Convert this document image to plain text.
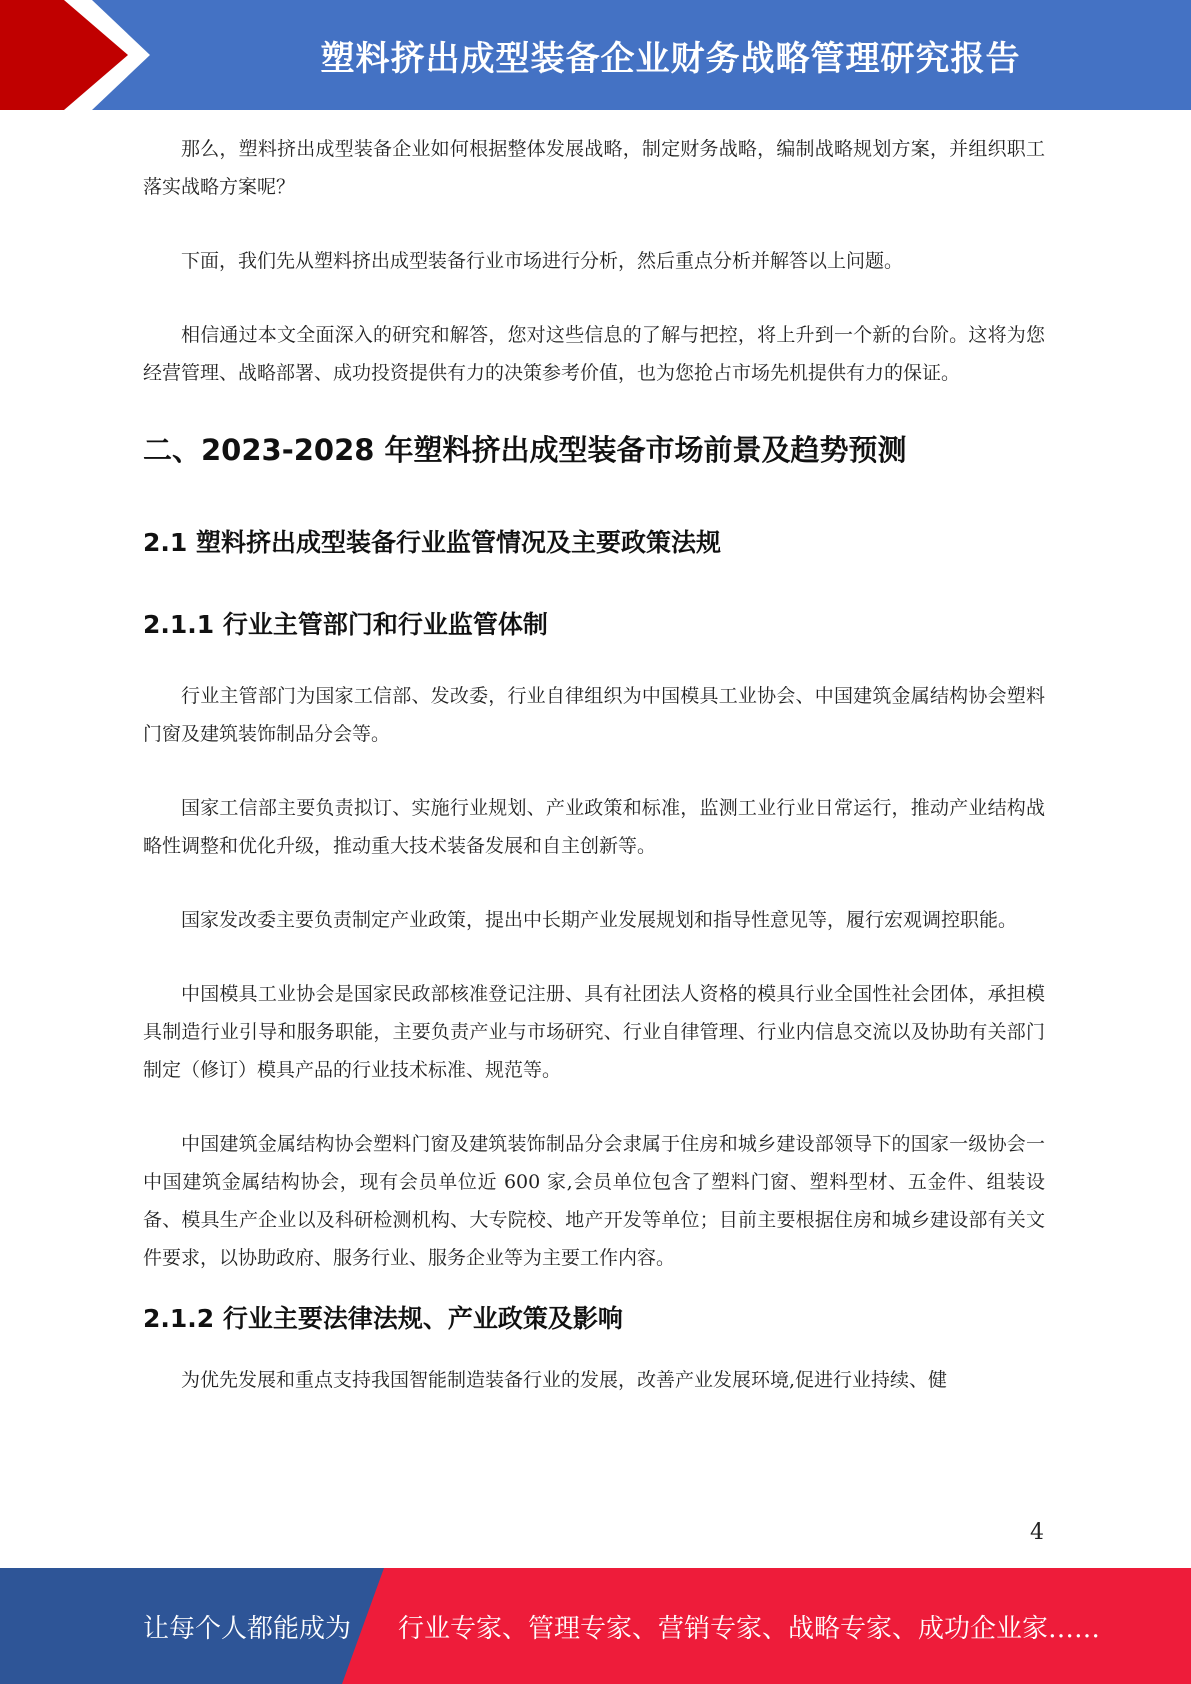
塑料挤出成型装备企业财务战略管理研究报告

那么，塑料挤出成型装备企业如何根据整体发展战略，制定财务战略，编制战略规划方案，并组织职工落实战略方案呢？

下面，我们先从塑料挤出成型装备行业市场进行分析，然后重点分析并解答以上问题。

相信通过本文全面深入的研究和解答，您对这些信息的了解与把控，将上升到一个新的台阶。这将为您经营管理、战略部署、成功投资提供有力的决策参考价值，也为您抢占市场先机提供有力的保证。

二、2023-2028 年塑料挤出成型装备市场前景及趋势预测
2.1 塑料挤出成型装备行业监管情况及主要政策法规
2.1.1 行业主管部门和行业监管体制

行业主管部门为国家工信部、发改委，行业自律组织为中国模具工业协会、中国建筑金属结构协会塑料门窗及建筑装饰制品分会等。

国家工信部主要负责拟订、实施行业规划、产业政策和标准，监测工业行业日常运行，推动产业结构战略性调整和优化升级，推动重大技术装备发展和自主创新等。

国家发改委主要负责制定产业政策，提出中长期产业发展规划和指导性意见等，履行宏观调控职能。

中国模具工业协会是国家民政部核准登记注册、具有社团法人资格的模具行业全国性社会团体，承担模具制造行业引导和服务职能，主要负责产业与市场研究、行业自律管理、行业内信息交流以及协助有关部门制定（修订）模具产品的行业技术标准、规范等。

中国建筑金属结构协会塑料门窗及建筑装饰制品分会隶属于住房和城乡建设部领导下的国家一级协会一中国建筑金属结构协会，现有会员单位近 600 家,会员单位包含了塑料门窗、塑料型材、五金件、组装设备、模具生产企业以及科研检测机构、大专院校、地产开发等单位；目前主要根据住房和城乡建设部有关文件要求，以协助政府、服务行业、服务企业等为主要工作内容。

2.1.2 行业主要法律法规、产业政策及影响

为优先发展和重点支持我国智能制造装备行业的发展，改善产业发展环境,促进行业持续、健

4
让每个人都能成为 行业专家、管理专家、营销专家、战略专家、成功企业家……
